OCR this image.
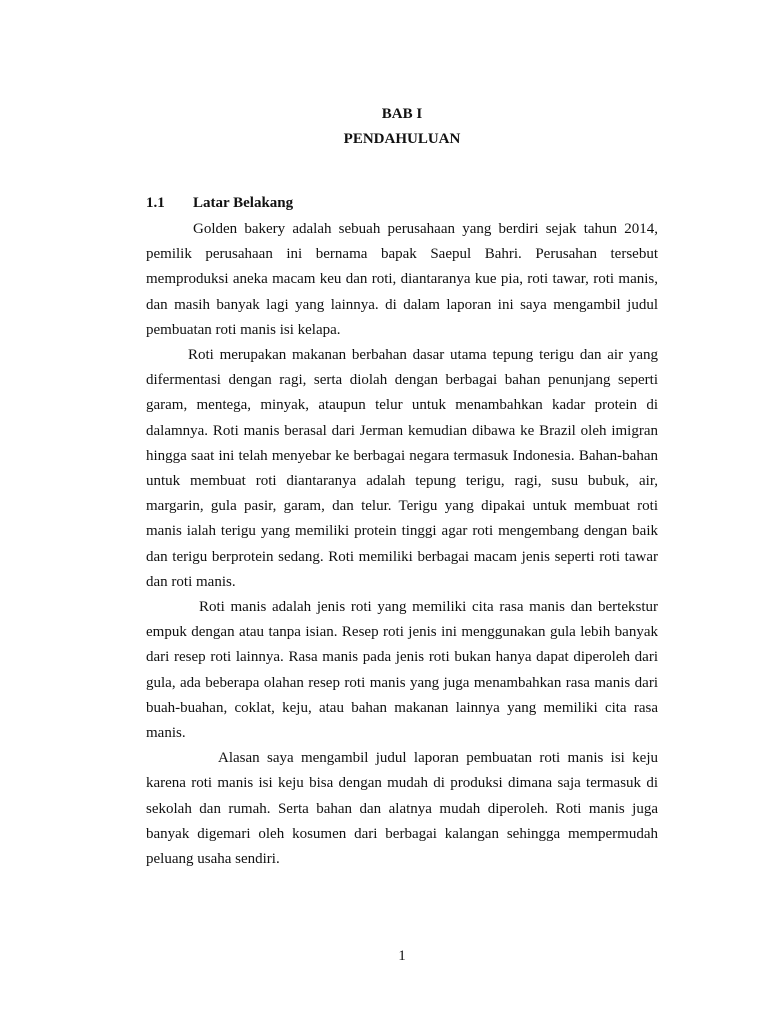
BAB I
PENDAHULUAN
1.1 Latar Belakang

Golden bakery adalah sebuah perusahaan yang berdiri sejak tahun 2014, pemilik perusahaan ini bernama bapak Saepul Bahri. Perusahan tersebut memproduksi aneka macam keu dan roti, diantaranya kue pia, roti tawar, roti manis, dan masih banyak lagi yang lainnya. di dalam laporan ini saya mengambil judul pembuatan roti manis isi kelapa.

Roti merupakan makanan berbahan dasar utama tepung terigu dan air yang difermentasi dengan ragi, serta diolah dengan berbagai bahan penunjang seperti garam, mentega, minyak, ataupun telur untuk menambahkan kadar protein di dalamnya. Roti manis berasal dari Jerman kemudian dibawa ke Brazil oleh imigran hingga saat ini telah menyebar ke berbagai negara termasuk Indonesia. Bahan-bahan untuk membuat roti diantaranya adalah tepung terigu, ragi, susu bubuk, air, margarin, gula pasir, garam, dan telur. Terigu yang dipakai untuk membuat roti manis ialah terigu yang memiliki protein tinggi agar roti mengembang dengan baik dan terigu berprotein sedang. Roti memiliki berbagai macam jenis seperti roti tawar dan roti manis.

Roti manis adalah jenis roti yang memiliki cita rasa manis dan bertekstur empuk dengan atau tanpa isian. Resep roti jenis ini menggunakan gula lebih banyak dari resep roti lainnya. Rasa manis pada jenis roti bukan hanya dapat diperoleh dari gula, ada beberapa olahan resep roti manis yang juga menambahkan rasa manis dari buah-buahan, coklat, keju, atau bahan makanan lainnya yang memiliki cita rasa manis.

Alasan saya mengambil judul laporan pembuatan roti manis isi keju karena roti manis isi keju bisa dengan mudah di produksi dimana saja termasuk di sekolah dan rumah. Serta bahan dan alatnya mudah diperoleh. Roti manis juga banyak digemari oleh kosumen dari berbagai kalangan sehingga mempermudah peluang usaha sendiri.

1
